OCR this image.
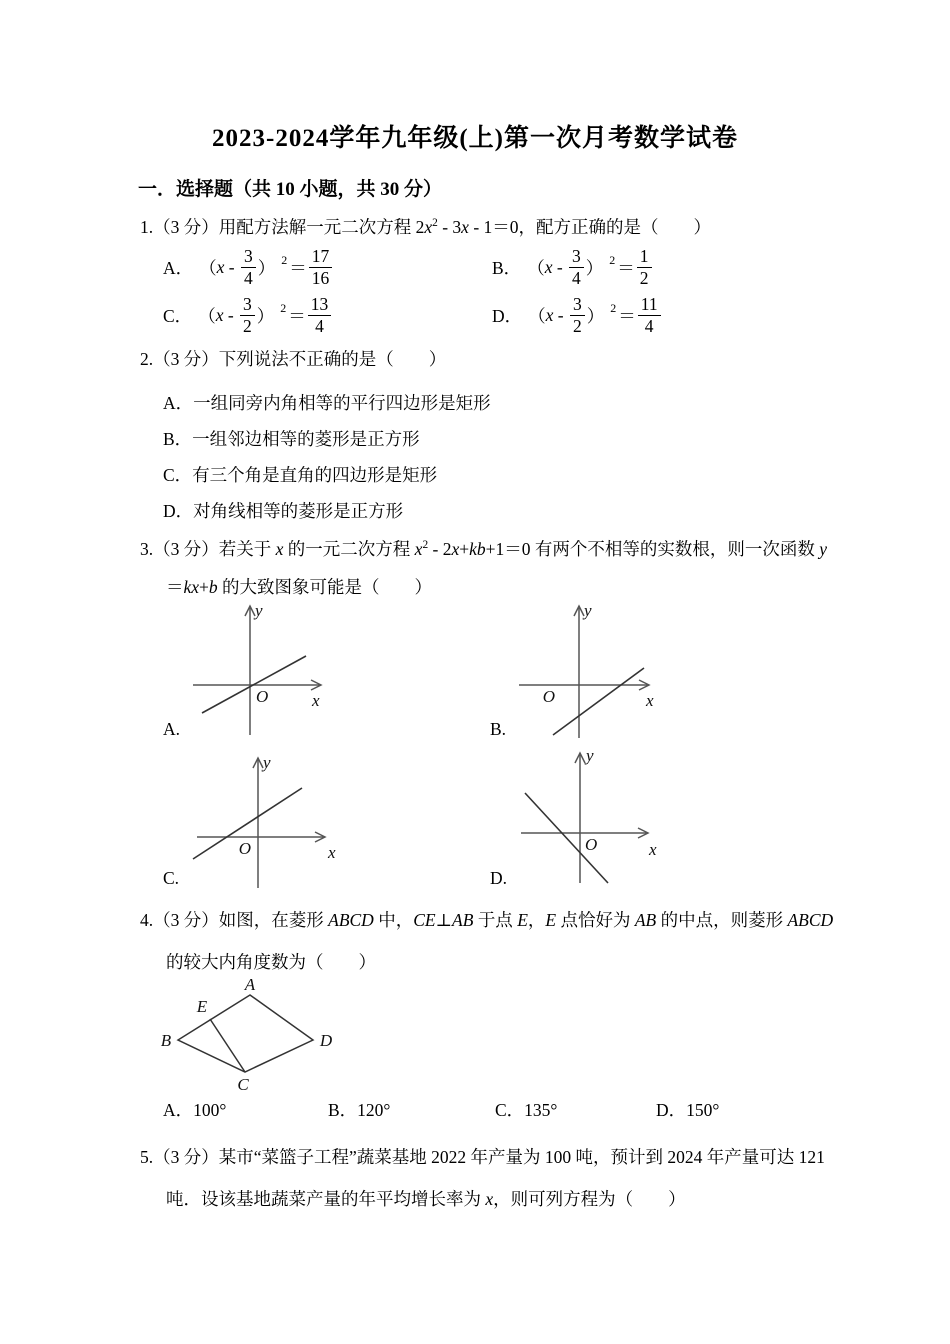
2023-2024学年九年级(上)第一次月考数学试卷
一．选择题（共 10 小题，共 30 分）
1.（3 分）用配方法解一元二次方程 $2x^2 - 3x - 1=0$，配方正确的是（　　）
A． （ x - $\frac{3}{4}$ ） $2 = \frac{17}{16}$	B． （ x - $\frac{3}{4}$ ） $2 = \frac{1}{2}$
C． （ x - $\frac{3}{2}$ ） $2 = \frac{13}{4}$	D． （ x - $\frac{3}{2}$ ） $2 = \frac{11}{4}$
2.（3 分）下列说法不正确的是（　　）
A．一组同旁内角相等的平行四边形是矩形
B．一组邻边相等的菱形是正方形
C．有三个角是直角的四边形是矩形
D．对角线相等的菱形是正方形
3.（3 分）若关于 x 的一元二次方程 $x^2 - 2x+kb+1=0$ 有两个不相等的实数根，则一次函数 y
＝kx+b 的大致图象可能是（　　）
y
x
O
y
x
O
A.	B.
y
x
O
y
x
O
C.	D.
4.（3 分）如图，在菱形 ABCD 中，CE⊥AB 于点 E，E 点恰好为 AB 的中点，则菱形 ABCD
的较大内角度数为（　　）
A
E
B	D
C
A．100°	B．120°	C．135°	D．150°
5.（3 分）某市“菜篮子工程”蔬菜基地 2022 年产量为 100 吨，预计到 2024 年产量可达 121
吨．设该基地蔬菜产量的年平均增长率为 x，则可列方程为（　　）
